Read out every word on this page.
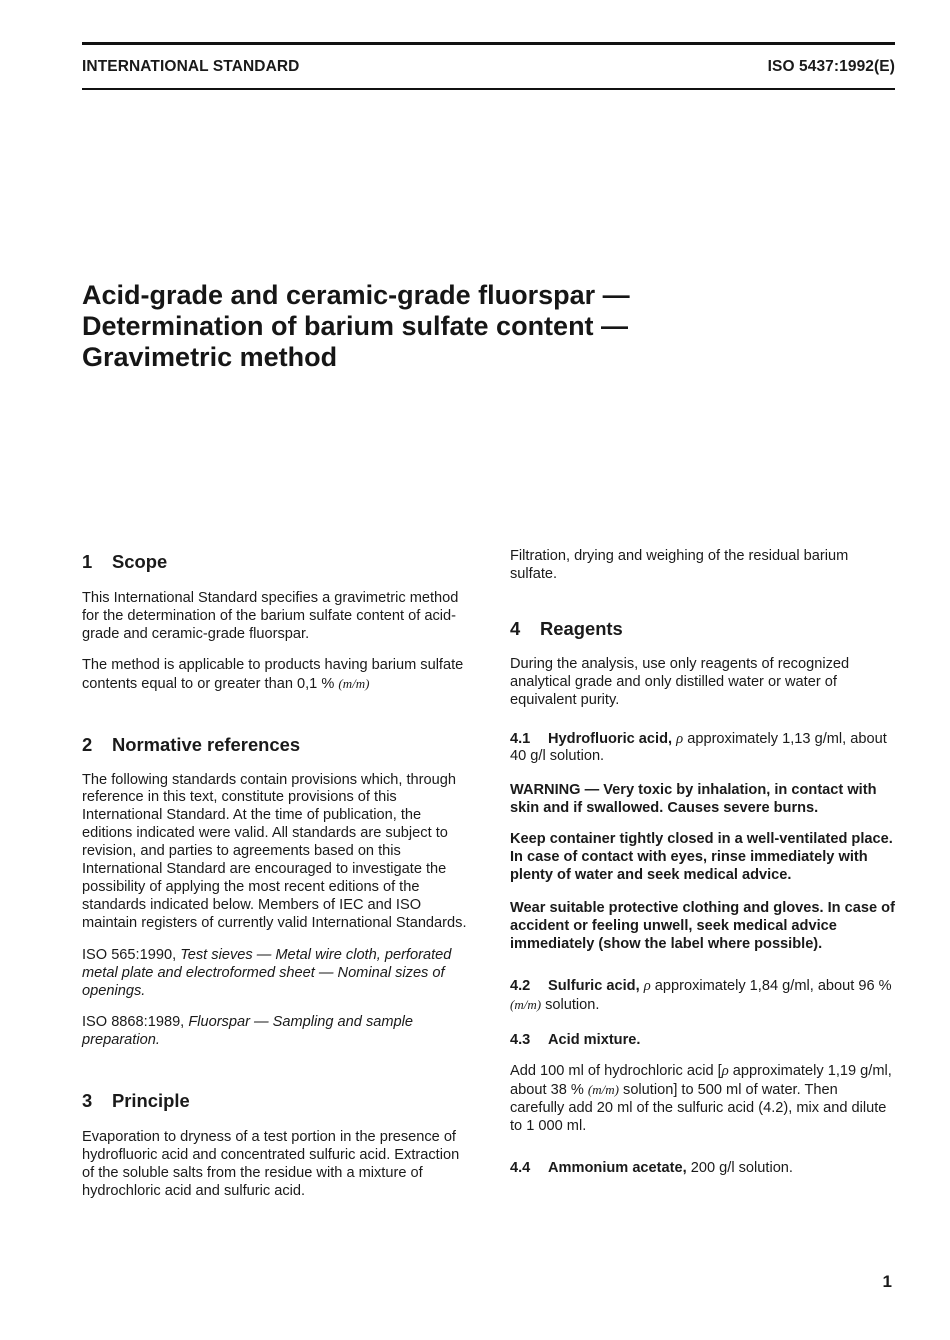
INTERNATIONAL STANDARD	ISO 5437:1992(E)
Acid-grade and ceramic-grade fluorspar —
Determination of barium sulfate content —
Gravimetric method
1 Scope

This International Standard specifies a gravimetric method for the determination of the barium sulfate content of acid-grade and ceramic-grade fluorspar.

The method is applicable to products having barium sulfate contents equal to or greater than 0,1 % (m/m)

2 Normative references

The following standards contain provisions which, through reference in this text, constitute provisions of this International Standard. At the time of publication, the editions indicated were valid. All standards are subject to revision, and parties to agreements based on this International Standard are encouraged to investigate the possibility of applying the most recent editions of the standards indicated below. Members of IEC and ISO maintain registers of currently valid International Standards.

ISO 565:1990, Test sieves — Metal wire cloth, perforated metal plate and electroformed sheet — Nominal sizes of openings.

ISO 8868:1989, Fluorspar — Sampling and sample preparation.

3 Principle

Evaporation to dryness of a test portion in the presence of hydrofluoric acid and concentrated sulfuric acid. Extraction of the soluble salts from the residue with a mixture of hydrochloric acid and sulfuric acid.

Filtration, drying and weighing of the residual barium sulfate.

4 Reagents

During the analysis, use only reagents of recognized analytical grade and only distilled water or water of equivalent purity.

4.1 Hydrofluoric acid, ρ approximately 1,13 g/ml, about 40 g/l solution.

WARNING — Very toxic by inhalation, in contact with skin and if swallowed. Causes severe burns.

Keep container tightly closed in a well-ventilated place. In case of contact with eyes, rinse immediately with plenty of water and seek medical advice.

Wear suitable protective clothing and gloves. In case of accident or feeling unwell, seek medical advice immediately (show the label where possible).

4.2 Sulfuric acid, ρ approximately 1,84 g/ml, about 96 % (m/m) solution.

4.3 Acid mixture.

Add 100 ml of hydrochloric acid [ρ approximately 1,19 g/ml, about 38 % (m/m) solution] to 500 ml of water. Then carefully add 20 ml of the sulfuric acid (4.2), mix and dilute to 1 000 ml.

4.4 Ammonium acetate, 200 g/l solution.

1
